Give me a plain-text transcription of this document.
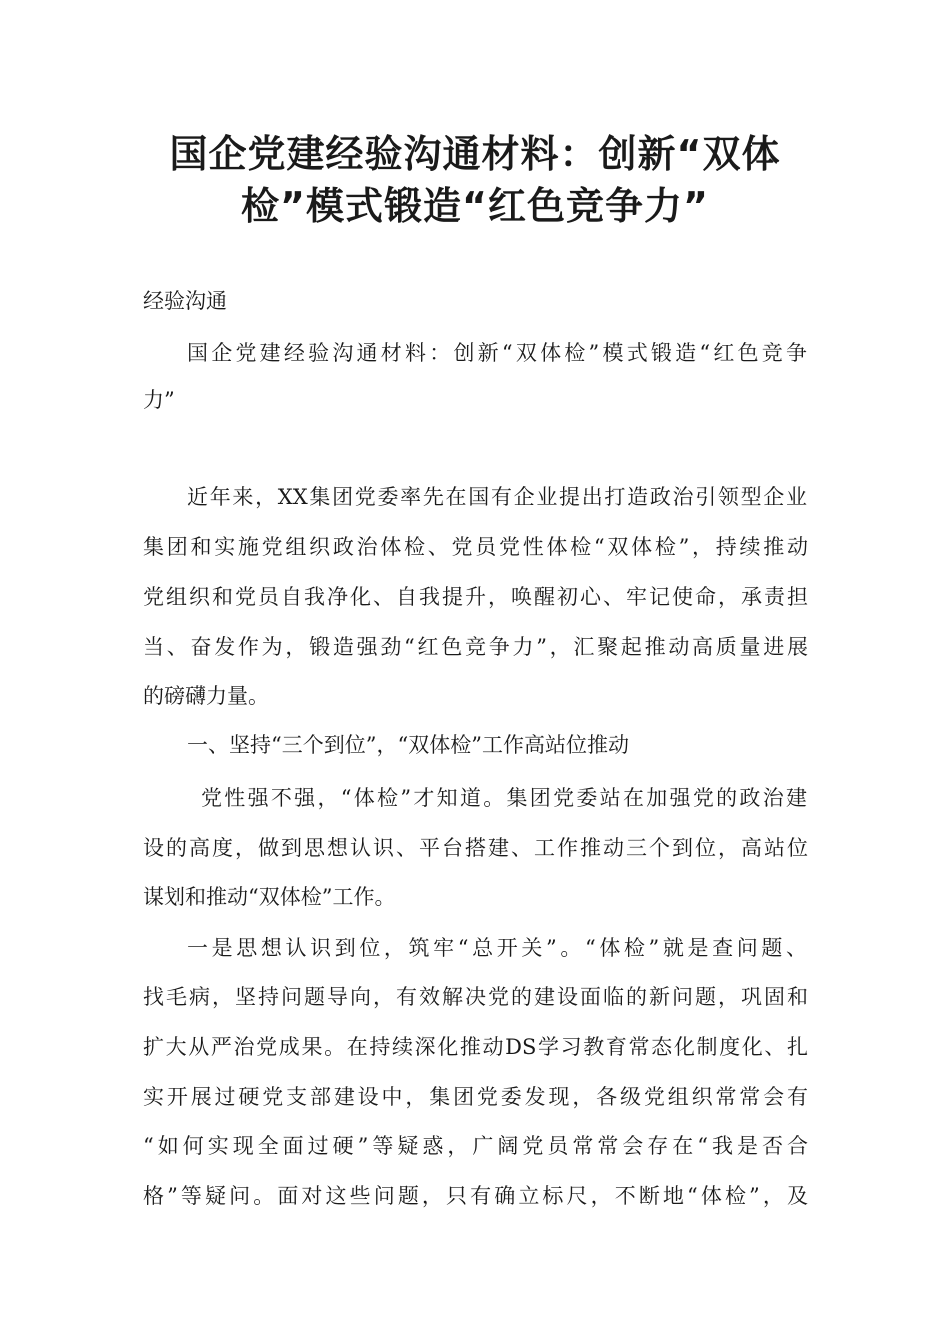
国企党建经验沟通材料：创新“双体
检”模式锻造“红色竞争力”

经验沟通

国企党建经验沟通材料：创新“双体检”模式锻造“红色竞争

力”

近年来，XX集团党委率先在国有企业提出打造政治引领型企业

集团和实施党组织政治体检、党员党性体检“双体检”，持续推动

党组织和党员自我净化、自我提升，唤醒初心、牢记使命，承责担

当、奋发作为，锻造强劲“红色竞争力”，汇聚起推动高质量进展

的磅礴力量。

一、坚持“三个到位”，“双体检”工作高站位推动

党性强不强，“体检”才知道。集团党委站在加强党的政治建

设的高度，做到思想认识、平台搭建、工作推动三个到位，高站位

谋划和推动“双体检”工作。

一是思想认识到位，筑牢“总开关”。“体检”就是查问题、

找毛病，坚持问题导向，有效解决党的建设面临的新问题，巩固和

扩大从严治党成果。在持续深化推动DS学习教育常态化制度化、扎

实开展过硬党支部建设中，集团党委发现，各级党组织常常会有

“如何实现全面过硬”等疑惑，广阔党员常常会存在“我是否合

格”等疑问。面对这些问题，只有确立标尺，不断地“体检”，及
